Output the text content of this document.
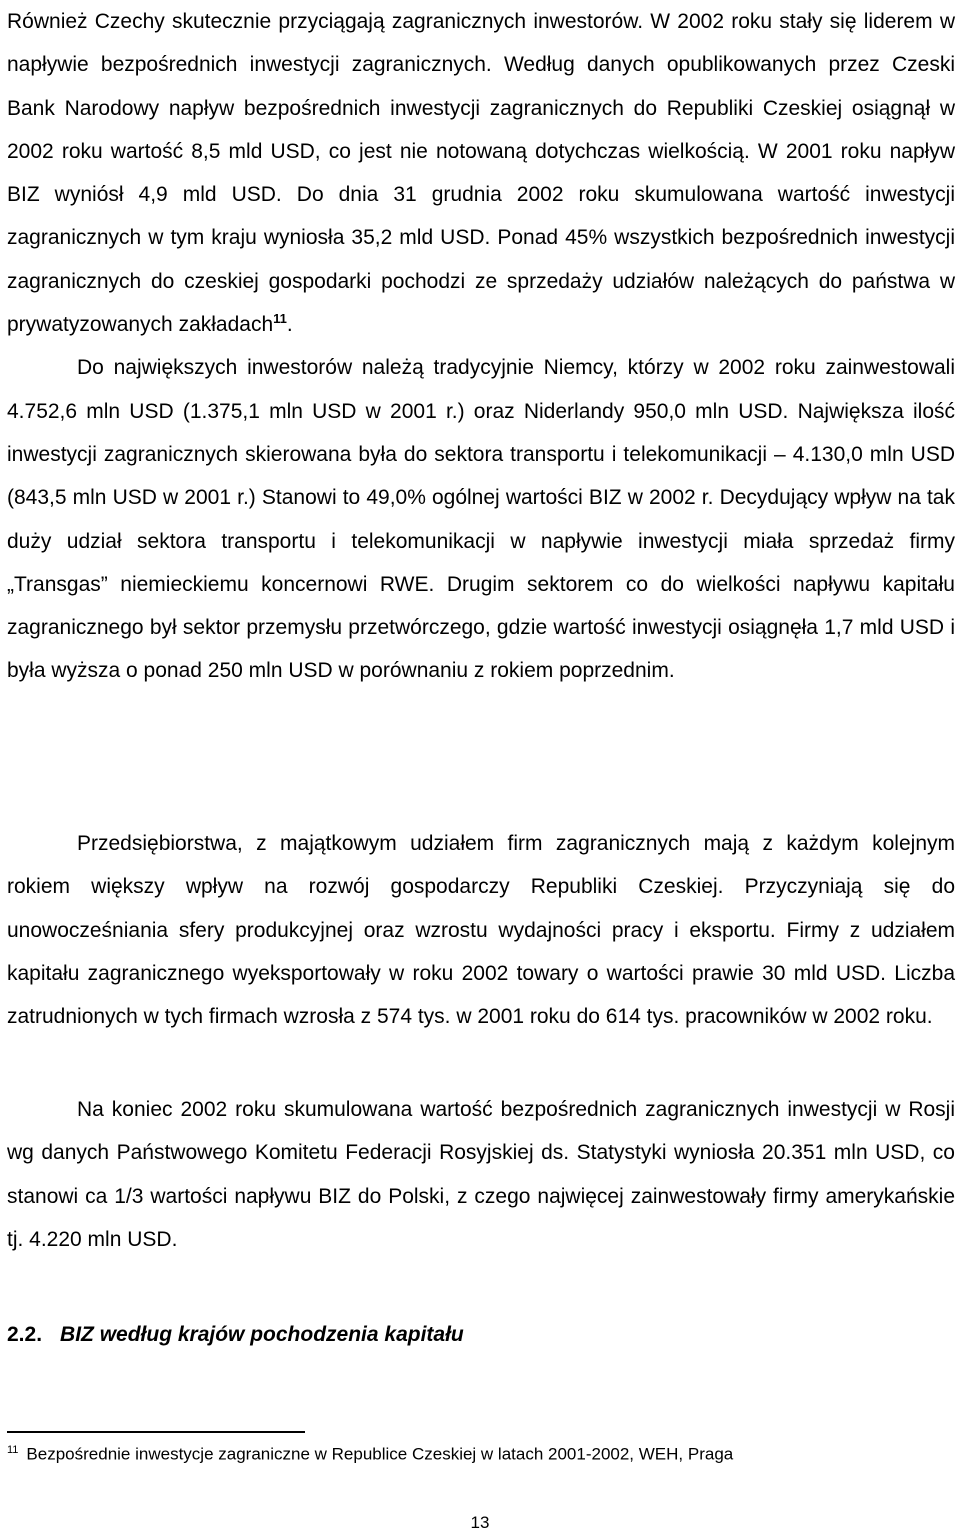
Również Czechy skutecznie przyciągają zagranicznych inwestorów. W 2002 roku stały się liderem w napływie bezpośrednich inwestycji zagranicznych. Według danych opublikowanych przez Czeski Bank Narodowy napływ bezpośrednich inwestycji zagranicznych do Republiki Czeskiej osiągnął w 2002 roku wartość 8,5 mld USD, co jest nie notowaną dotychczas wielkością. W 2001 roku napływ BIZ wyniósł 4,9 mld USD. Do dnia 31 grudnia 2002 roku skumulowana wartość inwestycji zagranicznych w tym kraju wyniosła 35,2 mld USD. Ponad 45% wszystkich bezpośrednich inwestycji zagranicznych do czeskiej gospodarki pochodzi ze sprzedaży udziałów należących do państwa w prywatyzowanych zakładach$^{11}$.

Do największych inwestorów należą tradycyjnie Niemcy, którzy w 2002 roku zainwestowali 4.752,6 mln USD (1.375,1 mln USD w 2001 r.) oraz Niderlandy 950,0 mln USD. Największa ilość inwestycji zagranicznych skierowana była do sektora transportu i telekomunikacji – 4.130,0 mln USD (843,5 mln USD w 2001 r.) Stanowi to 49,0% ogólnej wartości BIZ w 2002 r. Decydujący wpływ na tak duży udział sektora transportu i telekomunikacji w napływie inwestycji miała sprzedaż firmy „Transgas” niemieckiemu koncernowi RWE. Drugim sektorem co do wielkości napływu kapitału zagranicznego był sektor przemysłu przetwórczego, gdzie wartość inwestycji osiągnęła 1,7 mld USD i była wyższa o ponad 250 mln USD w porównaniu z rokiem poprzednim.

Przedsiębiorstwa, z majątkowym udziałem firm zagranicznych mają z każdym kolejnym rokiem większy wpływ na rozwój gospodarczy Republiki Czeskiej. Przyczyniają się do unowocześniania sfery produkcyjnej oraz wzrostu wydajności pracy i eksportu. Firmy z udziałem kapitału zagranicznego wyeksportowały w roku 2002 towary o wartości prawie 30 mld USD. Liczba zatrudnionych w tych firmach wzrosła z 574 tys. w 2001 roku do 614 tys. pracowników w 2002 roku.

Na koniec 2002 roku skumulowana wartość bezpośrednich zagranicznych inwestycji w Rosji wg danych Państwowego Komitetu Federacji Rosyjskiej ds. Statystyki wyniosła 20.351 mln USD, co stanowi ca 1/3 wartości napływu BIZ do Polski, z czego najwięcej zainwestowały firmy amerykańskie tj. 4.220 mln USD.

2.2. BIZ według krajów pochodzenia kapitału

$^{11}$ Bezpośrednie inwestycje zagraniczne w Republice Czeskiej w latach 2001-2002, WEH, Praga

13
